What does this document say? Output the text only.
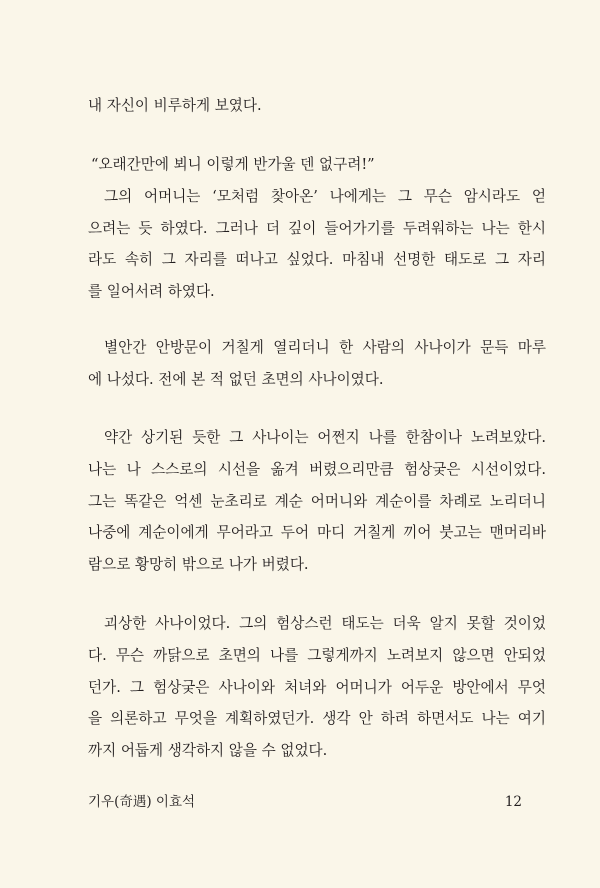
내 자신이 비루하게 보였다.
“오래간만에 뵈니 이렇게 반가울 덴 없구려!”
그의 어머니는 ‘모처럼 찾아온’ 나에게는 그 무슨 암시라도 얻
으려는 듯 하였다. 그러나 더 깊이 들어가기를 두려워하는 나는 한시
라도 속히 그 자리를 떠나고 싶었다. 마침내 선명한 태도로 그 자리
를 일어서려 하였다.
별안간 안방문이 거칠게 열리더니 한 사람의 사나이가 문득 마루
에 나섰다. 전에 본 적 없던 초면의 사나이였다.
약간 상기된 듯한 그 사나이는 어쩐지 나를 한참이나 노려보았다.
나는 나 스스로의 시선을 옮겨 버렸으리만큼 험상궂은 시선이었다.
그는 똑같은 억센 눈초리로 계순 어머니와 계순이를 차례로 노리더니
나중에 계순이에게 무어라고 두어 마디 거칠게 끼어 붓고는 맨머리바
람으로 황망히 밖으로 나가 버렸다.
괴상한 사나이었다. 그의 험상스런 태도는 더욱 알지 못할 것이었
다. 무슨 까닭으로 초면의 나를 그렇게까지 노려보지 않으면 안되었
던가. 그 험상궂은 사나이와 처녀와 어머니가 어두운 방안에서 무엇
을 의론하고 무엇을 계획하였던가. 생각 안 하려 하면서도 나는 여기
까지 어둡게 생각하지 않을 수 없었다.
기우(奇遇) 이효석	12
